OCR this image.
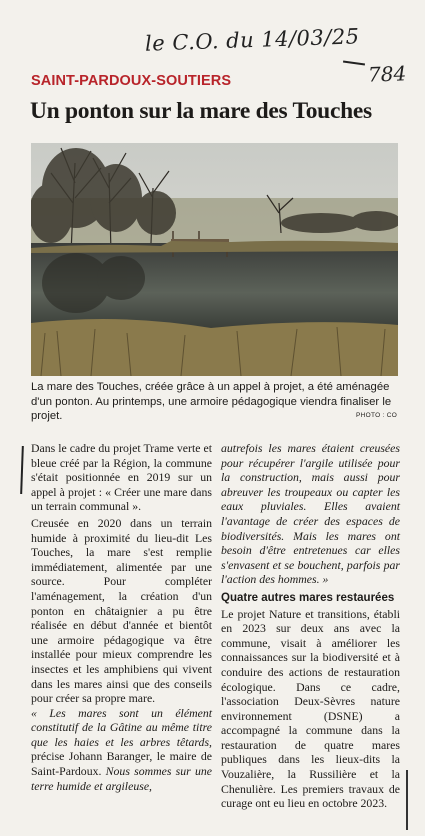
le C.O. du 14/03/25
784
SAINT-PARDOUX-SOUTIERS
Un ponton sur la mare des Touches

La mare des Touches, créée grâce à un appel à projet, a été aménagée d'un ponton. Au printemps, une armoire pédagogique viendra finaliser le projet.	PHOTO : CO

Dans le cadre du projet Trame verte et bleue créé par la Région, la commune s'était positionnée en 2019 sur un appel à projet : « Créer une mare dans un terrain communal ».

Creusée en 2020 dans un terrain humide à proximité du lieu-dit Les Touches, la mare s'est remplie immédiatement, alimentée par une source. Pour compléter l'aménagement, la création d'un ponton en châtaignier a pu être réalisée en début d'année et bientôt une armoire pédagogique va être installée pour mieux comprendre les insectes et les amphibiens qui vivent dans les mares ainsi que des conseils pour créer sa propre mare.

« Les mares sont un élément constitutif de la Gâtine au même titre que les haies et les arbres têtards, précise Johann Baranger, le maire de Saint-Pardoux. Nous sommes sur une terre humide et argileuse,

autrefois les mares étaient creusées pour récupérer l'argile utilisée pour la construction, mais aussi pour abreuver les troupeaux ou capter les eaux pluviales. Elles avaient l'avantage de créer des espaces de biodiversités. Mais les mares ont besoin d'être entretenues car elles s'envasent et se bouchent, parfois par l'action des hommes. »

Quatre autres mares restaurées

Le projet Nature et transitions, établi en 2023 sur deux ans avec la commune, visait à améliorer les connaissances sur la biodiversité et à conduire des actions de restauration écologique. Dans ce cadre, l'association Deux-Sèvres nature environnement (DSNE) a accompagné la commune dans la restauration de quatre mares publiques dans les lieux-dits la Vouzalière, la Russilière et la Chenulière. Les premiers travaux de curage ont eu lieu en octobre 2023.
